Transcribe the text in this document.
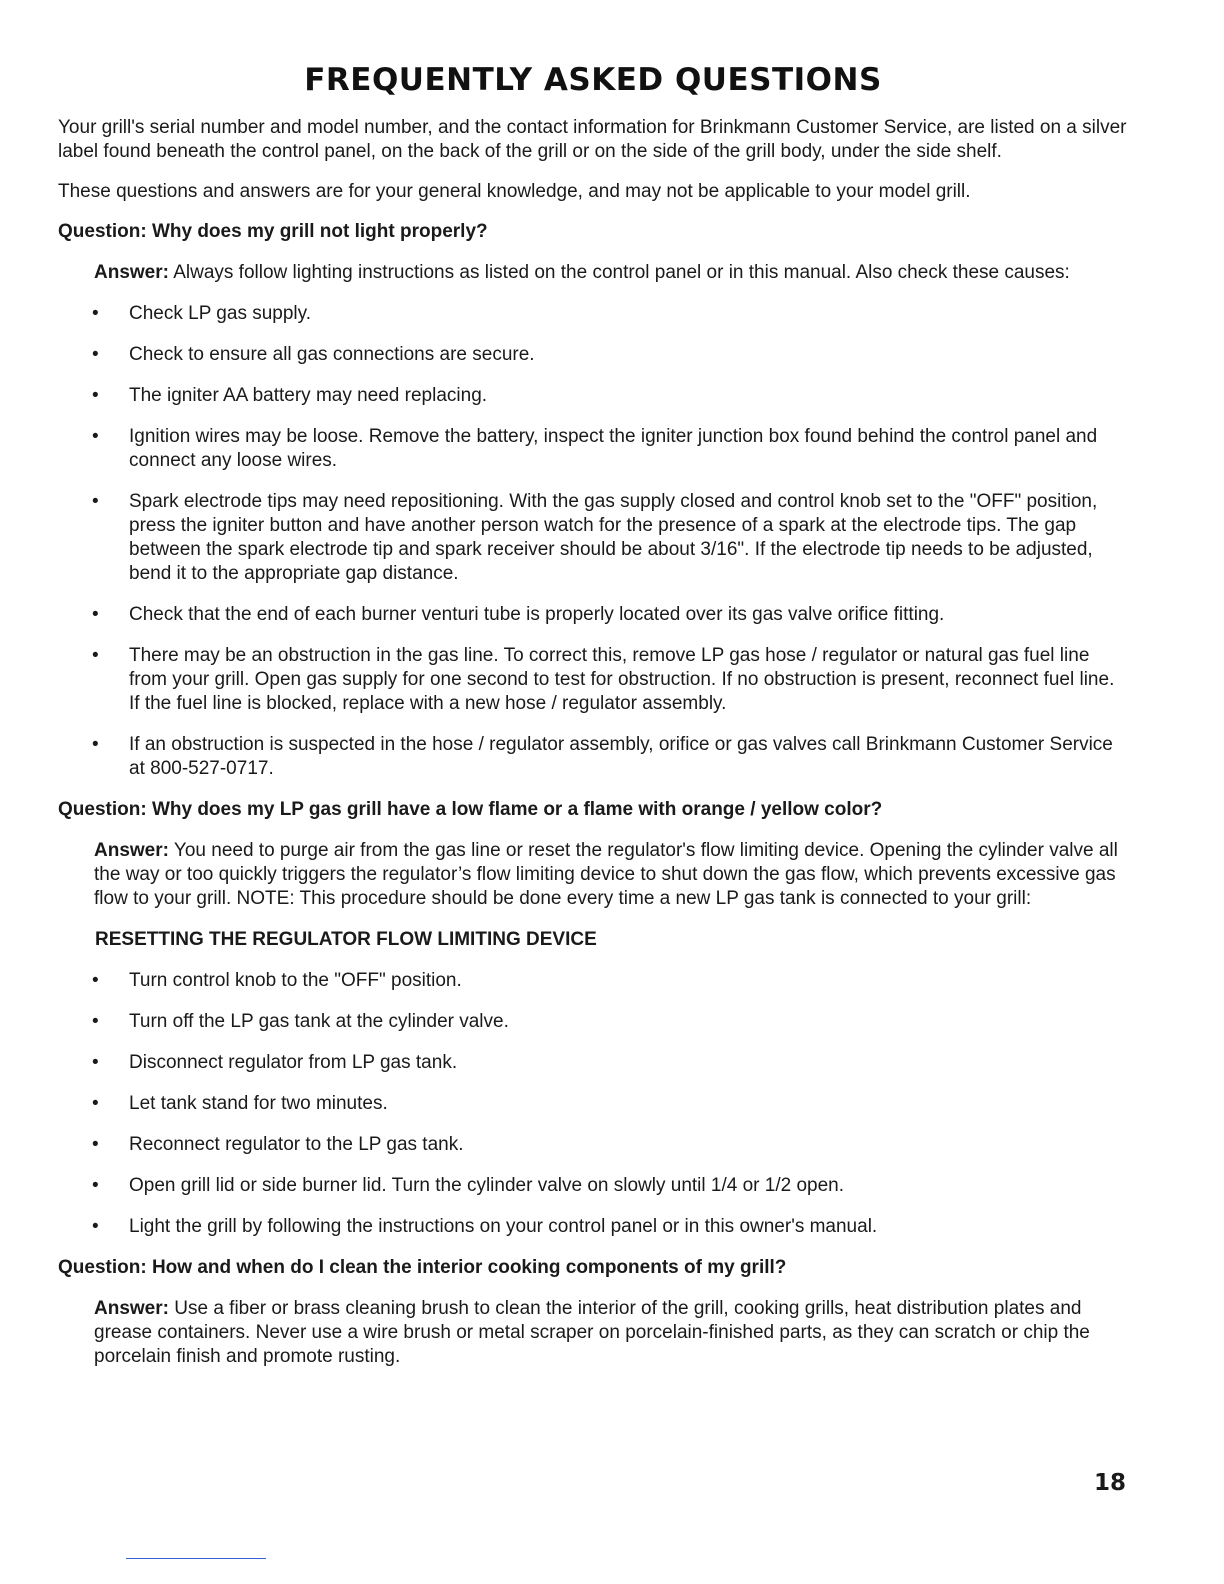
FREQUENTLY ASKED QUESTIONS

Your grill's serial number and model number, and the contact information for Brinkmann Customer Service, are listed on a silver label found beneath the control panel, on the back of the grill or on the side of the grill body, under the side shelf.

These questions and answers are for your general knowledge, and may not be applicable to your model grill.

Question: Why does my grill not light properly?

Answer: Always follow lighting instructions as listed on the control panel or in this manual. Also check these causes:

• Check LP gas supply.
• Check to ensure all gas connections are secure.
• The igniter AA battery may need replacing.
• Ignition wires may be loose. Remove the battery, inspect the igniter junction box found behind the control panel and connect any loose wires.
• Spark electrode tips may need repositioning. With the gas supply closed and control knob set to the "OFF" position, press the igniter button and have another person watch for the presence of a spark at the electrode tips. The gap between the spark electrode tip and spark receiver should be about 3/16". If the electrode tip needs to be adjusted, bend it to the appropriate gap distance.
• Check that the end of each burner venturi tube is properly located over its gas valve orifice fitting.
• There may be an obstruction in the gas line. To correct this, remove LP gas hose / regulator or natural gas fuel line from your grill. Open gas supply for one second to test for obstruction. If no obstruction is present, reconnect fuel line. If the fuel line is blocked, replace with a new hose / regulator assembly.
• If an obstruction is suspected in the hose / regulator assembly, orifice or gas valves call Brinkmann Customer Service at 800-527-0717.
Question: Why does my LP gas grill have a low flame or a flame with orange / yellow color?

Answer: You need to purge air from the gas line or reset the regulator's flow limiting device. Opening the cylinder valve all the way or too quickly triggers the regulator’s flow limiting device to shut down the gas flow, which prevents excessive gas flow to your grill. NOTE: This procedure should be done every time a new LP gas tank is connected to your grill:

RESETTING THE REGULATOR FLOW LIMITING DEVICE
• Turn control knob to the "OFF" position.
• Turn off the LP gas tank at the cylinder valve.
• Disconnect regulator from LP gas tank.
• Let tank stand for two minutes.
• Reconnect regulator to the LP gas tank.
• Open grill lid or side burner lid. Turn the cylinder valve on slowly until 1/4 or 1/2 open.
• Light the grill by following the instructions on your control panel or in this owner's manual.
Question: How and when do I clean the interior cooking components of my grill?

Answer: Use a fiber or brass cleaning brush to clean the interior of the grill, cooking grills, heat distribution plates and grease containers. Never use a wire brush or metal scraper on porcelain-finished parts, as they can scratch or chip the porcelain finish and promote rusting.

18
